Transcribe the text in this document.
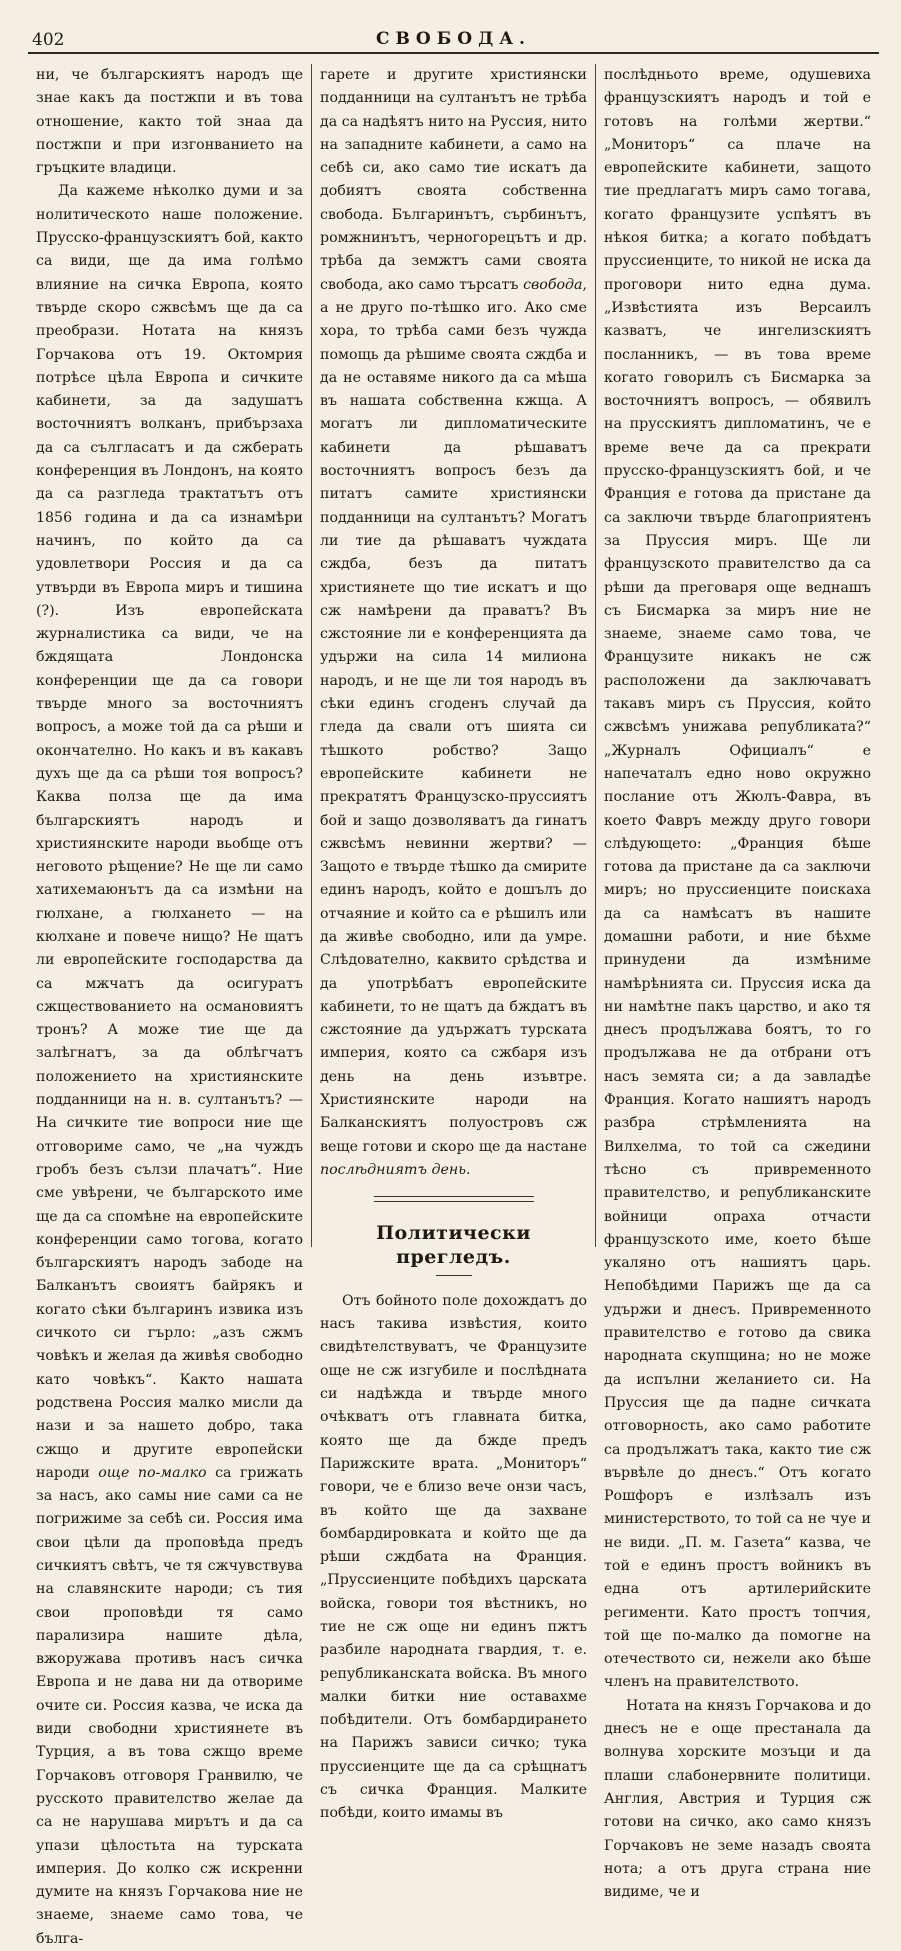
402	СВОБОДА.

ни, че българскиятъ народъ ще знае какъ да постжпи и въ това отношение, както той знаа да постжпи и при изгонванието на гръцките владици.

Да кажеме нѣколко думи и за нолитическото наше положение. Прусско-французскиятъ бой, както са види, ще да има голѣмо влияние на сичка Европа, която твърде скоро сжвсѣмъ ще да са преобрази. Нотата на князъ Горчакова отъ 19. Октомрия потрѣсе цѣла Европа и сичките кабинети, за да задушатъ восточниятъ волканъ, прибързаха да са сългласатъ и да сжберать конференция въ Лондонъ, на която да са разгледа трактатътъ отъ 1856 година и да са изнамѣри начинъ, по който да са удовлетвори Россия и да са утвърди въ Европа миръ и тишина (?). Изъ европейската журналистика са види, че на бждящата Лондонска конференции ще да са говори твърде много за восточниятъ вопросъ, а може той да са рѣши и окончателно. Но какъ и въ какавъ духъ ще да са рѣши тоя вопросъ? Каква полза ще да има българскиятъ народъ и християнските народи вьобще отъ неговото рѣщение? Не ще ли само хатихемаюнътъ да са измѣни на гюлхане, а гюлхането — на кюлхане и повече нищо? Не щатъ ли европейските господарства да са мжчатъ да осигуратъ сжществованието на османовиятъ тронъ? А може тие ще да залѣгнатъ, за да облѣгчатъ положението на християнските подданници на н. в. султанътъ? — На сичките тие вопроси ние ще отговориме само, че „на чуждъ гробъ безъ сълзи плачатъ“. Ние сме увѣрени, че българското име ще да са спомѣне на европейските конференции само тогова, когато българскиятъ народъ забоде на Балканътъ своиятъ байрякъ и когато сѣки българинъ извика изъ сичкото си гърло: „азъ сжмъ човѣкъ и желая да живѣя свободно като човѣкъ“. Както нашата родствена Россия малко мисли да нази и за нашето добро, така сжщо и другите европейски народи още по-малко са грижать за насъ, ако самы ние сами са не погрижиме за себѣ си. Россия има свои цѣли да проповѣда предъ сичкиятъ свѣтъ, че тя сжчувствува на славянските народи; съ тия свои проповѣди тя само парализира нашите дѣла, вжоружава противъ насъ сичка Европа и не дава ни да отвориме очите си. Россия казва, че иска да види свободни християнете въ Турция, а въ това сжщо време Горчаковъ отговоря Гранвилю, че русското правителство желае да са не нарушава мирътъ и да са упази цѣлостьта на турската империя. До колко сж искренни думите на князъ Горчакова ние не знаеме, знаеме само това, че бълга-

гарете и другите християнски подданници на султанътъ не трѣба да са надѣятъ нито на Руссия, нито на западните кабинети, а само на себѣ си, ако само тие искатъ да добиятъ своята собственна свобода. Българинътъ, сърбинътъ, ромжнинътъ, черногорецътъ и др. трѣба да земжтъ сами своята свобода, ако само търсатъ свобода, а не друго по-тѣшко иго. Ако сме хора, то трѣба сами безъ чужда помощь да рѣшиме своята сждба и да не оставяме никого да са мѣша въ нашата собственна кжща. А могатъ ли дипломатическите кабинети да рѣшаватъ восточниятъ вопросъ безъ да питатъ самите християнски подданници на султанътъ? Могатъ ли тие да рѣшаватъ чуждата сждба, безъ да питатъ християнете що тие искатъ и що сж намѣрени да праватъ? Въ сжстояние ли е конференцията да удържи на сила 14 милиона народъ, и не ще ли тоя народъ въ сѣки единъ сгоденъ случай да гледа да свали отъ шията си тѣшкото робство? Защо европейските кабинети не прекратятъ Французско-пруссиятъ бой и защо дозволяватъ да гинатъ сжвсѣмъ невинни жертви? — Защото е твърде тѣшко да смирите единъ народъ, който е дошълъ до отчаяние и който са е рѣшилъ или да живѣе свободно, или да умре. Слѣдователно, каквито срѣдства и да употрѣбатъ европейските кабинети, то не щатъ да бждатъ въ сжстояние да удържатъ турската империя, която са сжбаря изъ день на день изъвтре. Християнските народи на Балканскиятъ полуостровъ сж веще готови и скоро ще да настане послѣдниятъ день.

Политически прегледъ.

Отъ бойното поле дохождатъ до насъ такива извѣстия, които свидѣтелствуватъ, че Французите още не сж изгубиле и послѣдната си надѣжда и твърде много очѣкватъ отъ главната битка, която ще да бжде предъ Парижските врата. „Мониторъ“ говори, че е близо вече онзи часъ, въ който ще да захване бомбардировката и който ще да рѣши сждбата на Франция. „Пруссиенците побѣдихъ царската войска, говори тоя вѣстникъ, но тие не сж още ни единъ пжтъ разбиле народната гвардия, т. е. републиканската войска. Въ много малки битки ние оставахме побѣдители. Отъ бомбардирането на Парижъ зависи сичко; тука пруссиенците ще да са срѣщнатъ съ сичка Франция. Малките побѣди, които имамы въ

послѣдньото време, одушевиха французскиятъ народъ и той е готовъ на голѣми жертви.“ „Мониторъ“ са плаче на европейските кабинети, защото тие предлагатъ миръ само тогава, когато французите успѣятъ въ нѣкоя битка; а когато побѣдатъ пруссиенците, то никой не иска да проговори нито една дума. „Извѣстията изъ Версаилъ казватъ, че ингелизскиятъ посланникъ, — въ това време когато говорилъ съ Бисмарка за восточниятъ вопросъ, — обявилъ на прусскиятъ дипломатинъ, че е време вече да са прекрати прусско-французскиятъ бой, и че Франция е готова да пристане да са заключи твърде благоприятенъ за Пруссия миръ. Ще ли французското правителство да са рѣши да преговаря още веднашъ съ Бисмарка за миръ ние не знаеме, знаеме само това, че Французите никакъ не сж расположени да заключаватъ такавъ миръ съ Пруссия, който сжвсѣмъ унижава републиката?“ „Журналъ Официалъ“ е напечаталъ едно ново окружно послание отъ Жюлъ-Фавра, въ което Фавръ между друго говори слѣдующето: „Франция бѣше готова да пристане да са заключи миръ; но пруссиенците поискаха да са намѣсатъ въ нашите домашни работи, и ние бѣхме принудени да измѣниме намѣрѣнията си. Пруссия иска да ни намѣтне пакъ царство, и ако тя днесъ продължава боятъ, то го продължава не да отбрани отъ насъ земята си; а да завладѣе Франция. Когато нашиятъ народъ разбра стрѣмленията на Вилхелма, то той са сжедини тѣсно съ привременното правителство, и републиканските войници опраха отчасти французското име, което бѣше укаляно отъ нашиятъ царь. Непобѣдими Парижъ ще да са удържи и днесъ. Привременното правителство е готово да свика народната скупщина; но не може да испълни желанието си. На Пруссия ще да падне сичката отговорность, ако само работите са продължатъ така, както тие сж вървѣле до днесъ.“ Отъ когато Рошфоръ е излѣзалъ изъ министерството, то той са не чуе и не види. „П. м. Газета“ казва, че той е единъ простъ войникъ въ една отъ артилерийските регименти. Като простъ топчия, той ще по-малко да помогне на отечеството си, нежели ако бѣше членъ на правителството.

Нотата на князъ Горчакова и до днесъ не е още престанала да волнува хорските мозъци и да плаши слабонервните политици. Англия, Австрия и Турция сж готови на сичко, ако само князъ Горчаковъ не земе назадъ своята нота; а отъ друга страна ние видиме, че и
